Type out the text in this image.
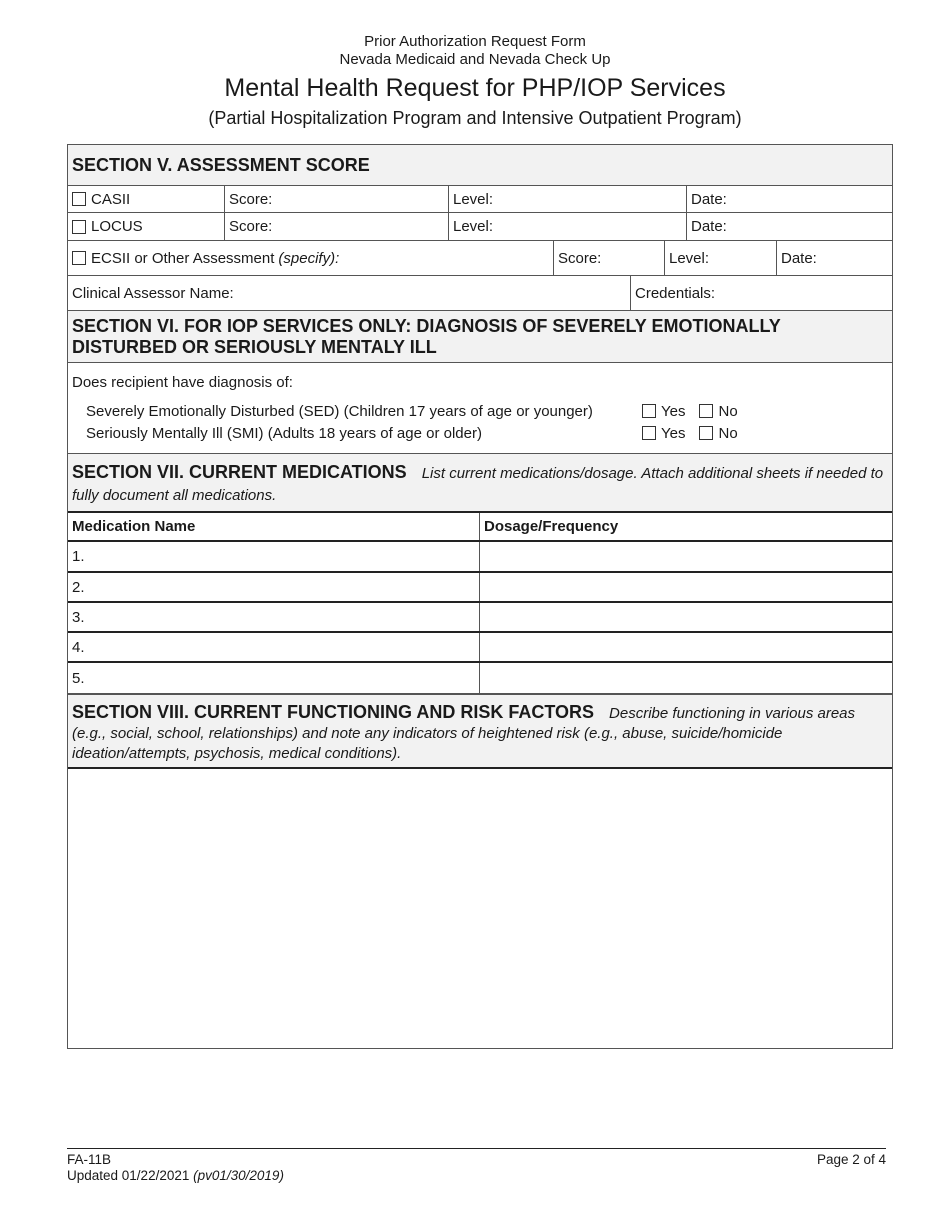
Prior Authorization Request Form
Nevada Medicaid and Nevada Check Up
Mental Health Request for PHP/IOP Services
(Partial Hospitalization Program and Intensive Outpatient Program)
SECTION V. ASSESSMENT SCORE
CASII	Score:	Level:	Date:
LOCUS	Score:	Level:	Date:
ECSII or Other Assessment (specify):	Score:	Level:	Date:
Clinical Assessor Name:	Credentials:
SECTION VI. FOR IOP SERVICES ONLY: DIAGNOSIS OF SEVERELY EMOTIONALLY DISTURBED OR SERIOUSLY MENTALY ILL
Does recipient have diagnosis of:
Severely Emotionally Disturbed (SED) (Children 17 years of age or younger)	Yes	No
Seriously Mentally Ill (SMI) (Adults 18 years of age or older)	Yes	No
SECTION VII. CURRENT MEDICATIONS List current medications/dosage. Attach additional sheets if needed to fully document all medications.
Medication Name	Dosage/Frequency
1.
2.
3.
4.
5.
SECTION VIII. CURRENT FUNCTIONING AND RISK FACTORS Describe functioning in various areas (e.g., social, school, relationships) and note any indicators of heightened risk (e.g., abuse, suicide/homicide ideation/attempts, psychosis, medical conditions).
FA-11B
Updated 01/22/2021 (pv01/30/2019)
Page 2 of 4
